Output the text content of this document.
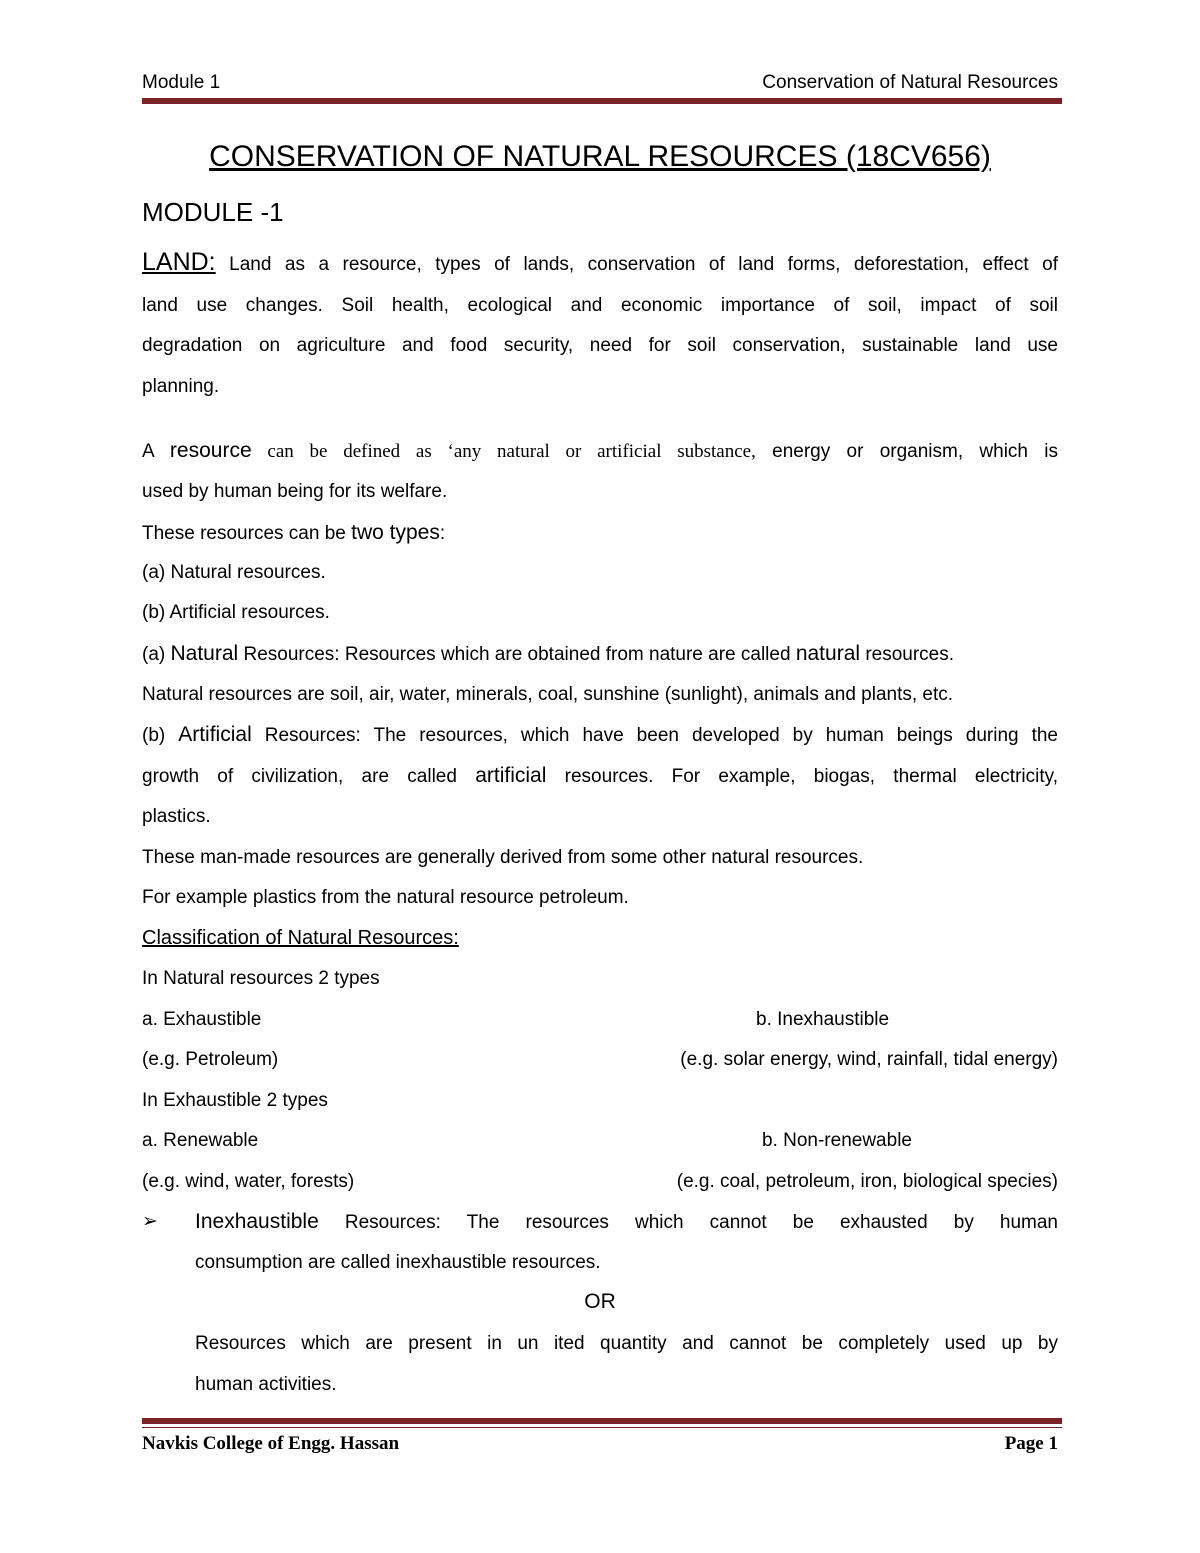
Module 1	Conservation of Natural Resources
CONSERVATION OF NATURAL RESOURCES (18CV656)
MODULE -1
LAND: Land as a resource, types of lands, conservation of land forms, deforestation, effect of
land use changes. Soil health, ecological and economic importance of soil, impact of soil
degradation on agriculture and food security, need for soil conservation, sustainable land use
planning.
A resource can be defined as ‘any natural or artificial substance, energy or organism, which is
used by human being for its welfare.
These resources can be two types:
(a) Natural resources.
(b) Artificial resources.
(a) Natural Resources: Resources which are obtained from nature are called natural resources.
Natural resources are soil, air, water, minerals, coal, sunshine (sunlight), animals and plants, etc.
(b) Artificial Resources: The resources, which have been developed by human beings during the
growth of civilization, are called artificial resources. For example, biogas, thermal electricity,
plastics.
These man-made resources are generally derived from some other natural resources.
For example plastics from the natural resource petroleum.
Classification of Natural Resources:
In Natural resources 2 types
a. Exhaustible	b. Inexhaustible
(e.g. Petroleum)	(e.g. solar energy, wind, rainfall, tidal energy)
In Exhaustible 2 types
a. Renewable	b. Non-renewable
(e.g. wind, water, forests)	(e.g. coal, petroleum, iron, biological species)
➢ Inexhaustible Resources: The resources which cannot be exhausted by human
consumption are called inexhaustible resources.
OR
Resources which are present in un ited quantity and cannot be completely used up by
human activities.
Navkis College of Engg. Hassan	Page 1
